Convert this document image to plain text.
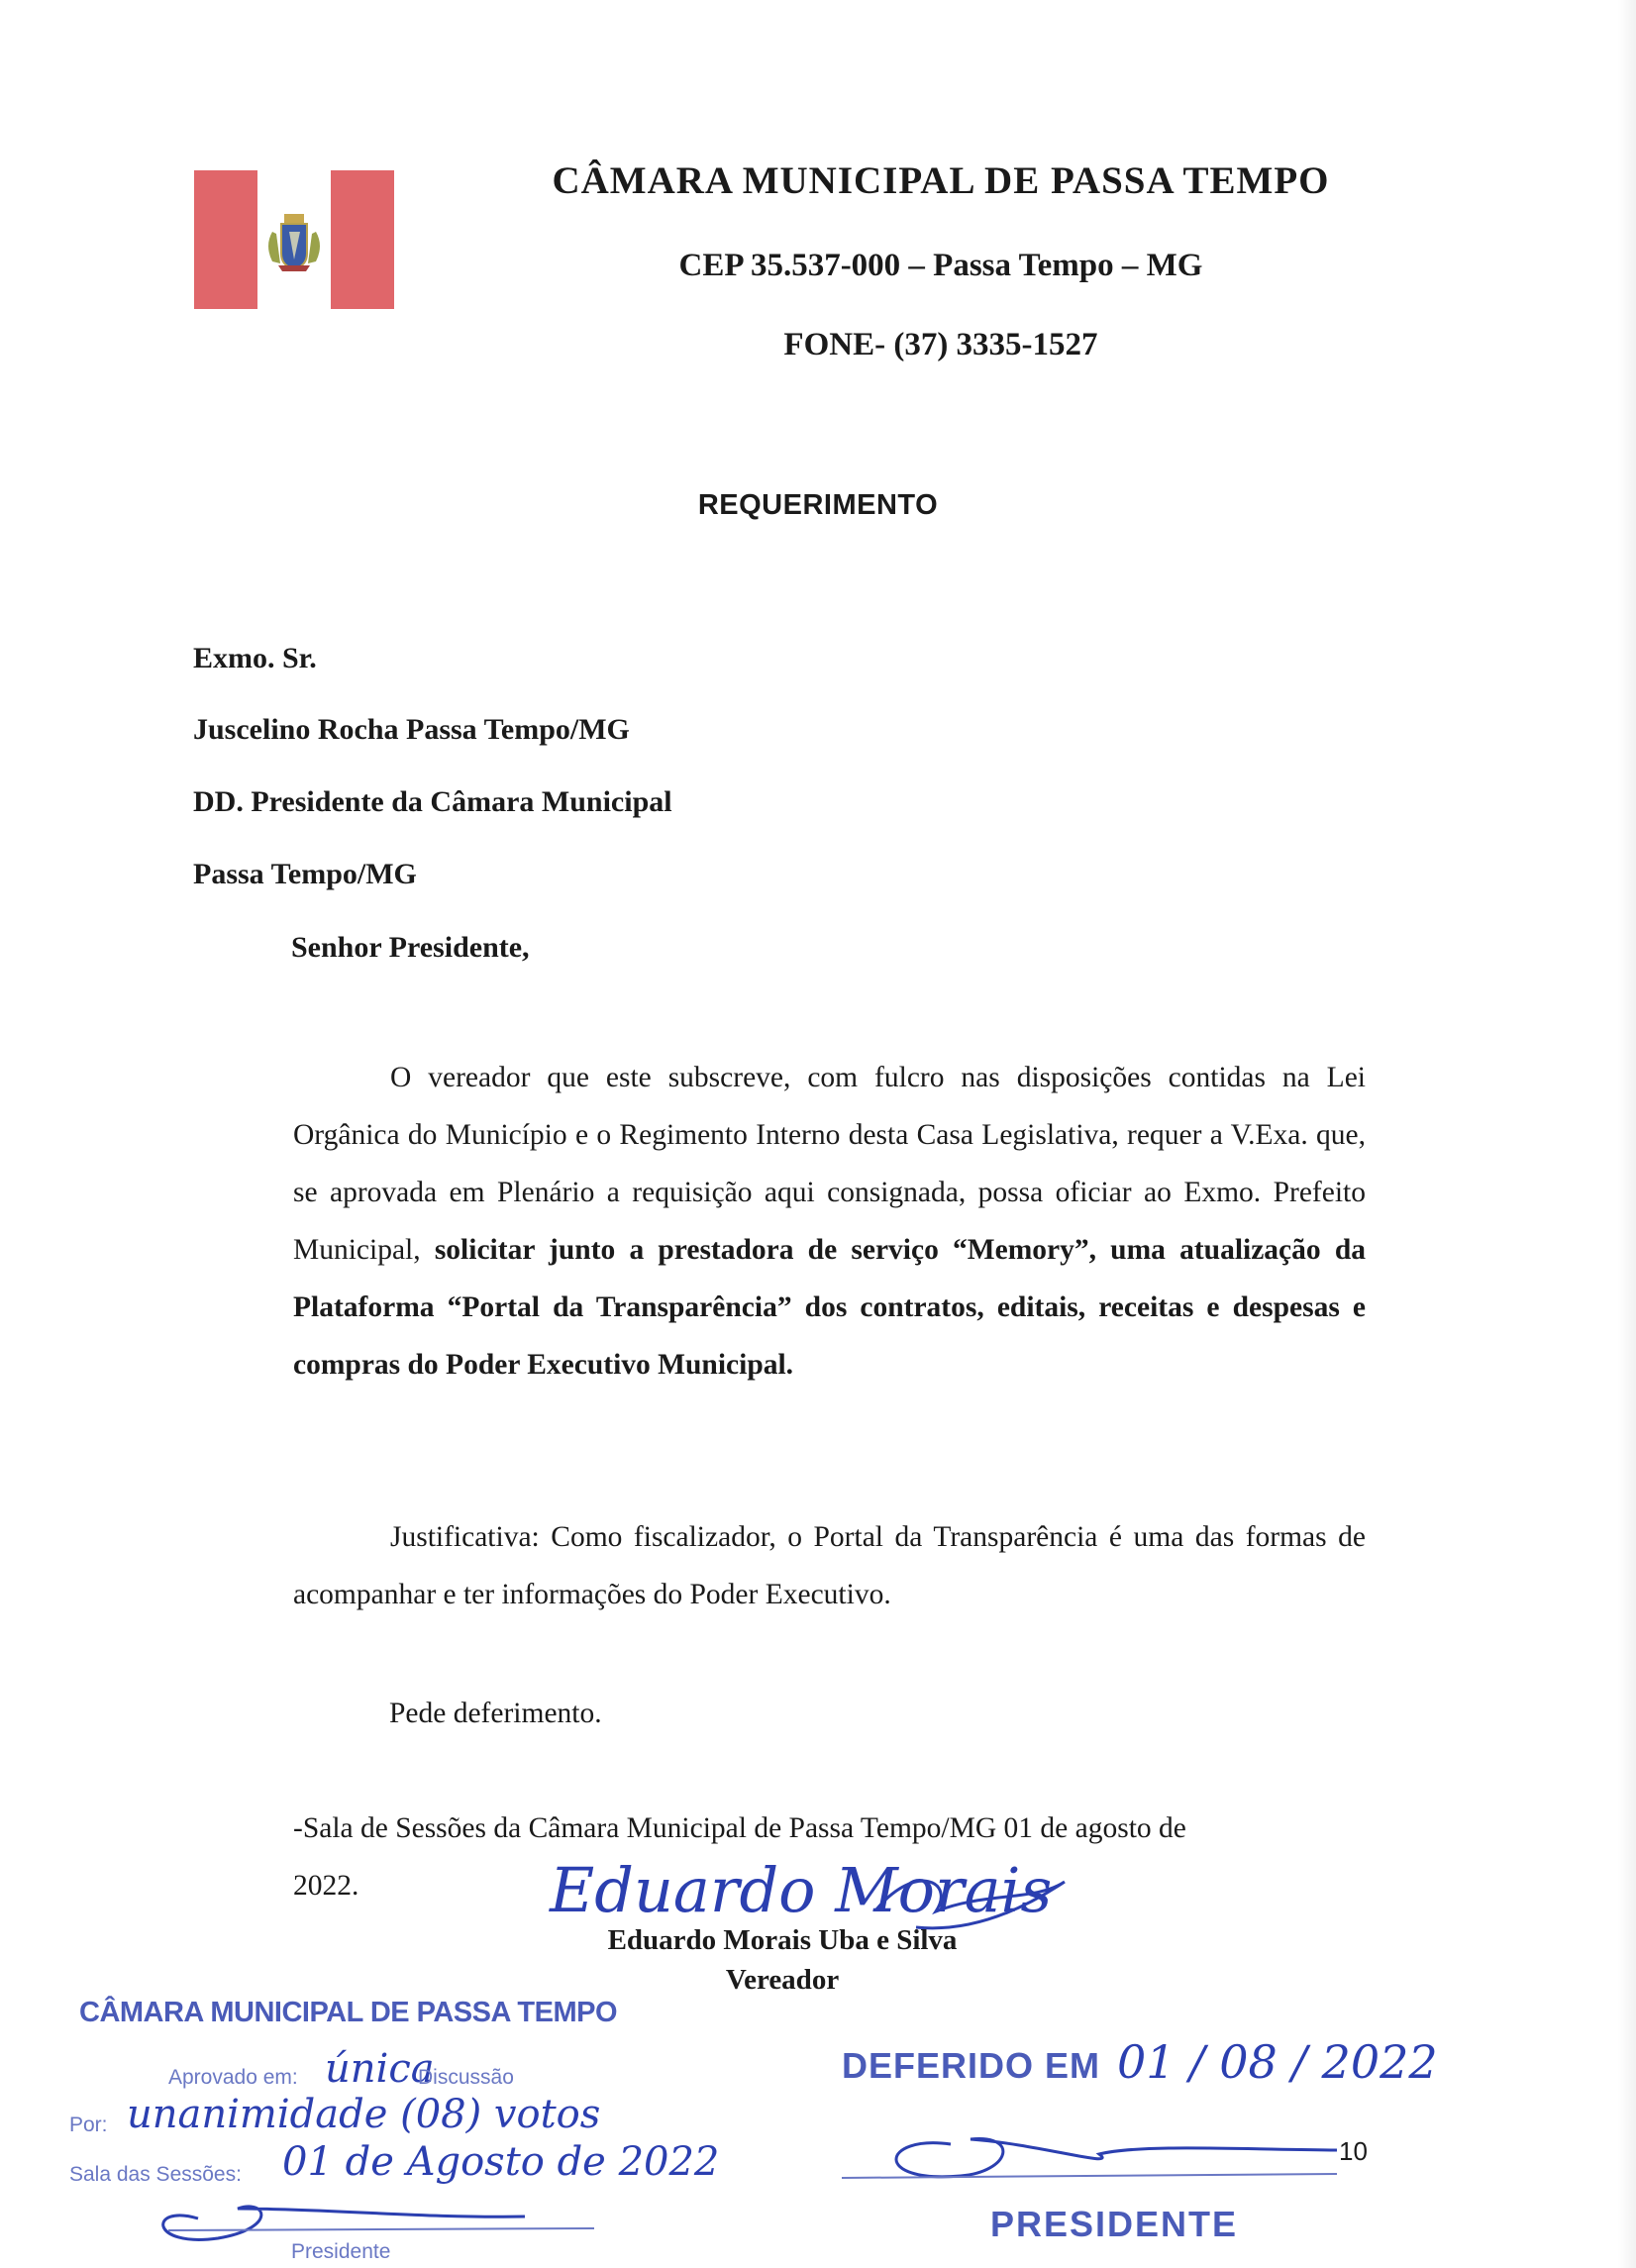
CÂMARA MUNICIPAL DE PASSA TEMPO
CEP 35.537-000 – Passa Tempo – MG
FONE- (37) 3335-1527
REQUERIMENTO
Exmo. Sr.
Juscelino Rocha Passa Tempo/MG
DD. Presidente da Câmara Municipal
Passa Tempo/MG
Senhor Presidente,
O vereador que este subscreve, com fulcro nas disposições contidas na Lei Orgânica do Município e o Regimento Interno desta Casa Legislativa, requer a V.Exa. que, se aprovada em Plenário a requisição aqui consignada, possa oficiar ao Exmo. Prefeito Municipal, solicitar junto a prestadora de serviço “Memory”, uma atualização da Plataforma “Portal da Transparência” dos contratos, editais, receitas e despesas e compras do Poder Executivo Municipal.
Justificativa: Como fiscalizador, o Portal da Transparência é uma das formas de acompanhar e ter informações do Poder Executivo.
Pede deferimento.
-Sala de Sessões da Câmara Municipal de Passa Tempo/MG 01 de agosto de
2022.	Eduardo Morais
Eduardo Morais Uba e Silva
Vereador
CÂMARA MUNICIPAL DE PASSA TEMPO
Aprovado em: única
Discussão
Por: unanimidade (08) votos
Sala das Sessões: 01 de Agosto de 2022
Presidente
DEFERIDO EM 01 / 08 / 2022
PRESIDENTE
10
